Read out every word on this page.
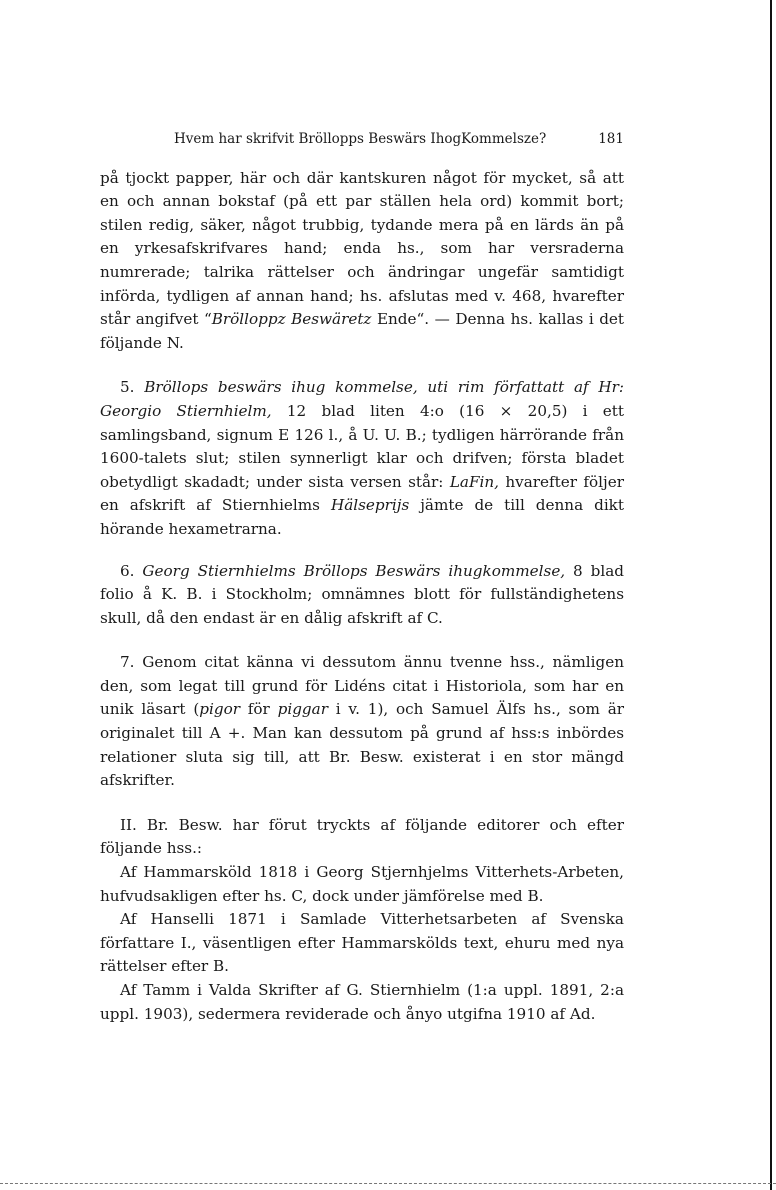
Hvem har skrifvit Bröllopps Beswärs IhogKommelsze?	181

på tjockt papper, här och där kantskuren något för mycket, så att en och annan bokstaf (på ett par ställen hela ord) kommit bort; stilen redig, säker, något trubbig, tydande mera på en lärds än på en yrkesafskrifvares hand; enda hs., som har versraderna numrerade; talrika rättelser och ändringar ungefär samtidigt införda, tydligen af annan hand; hs. afslutas med v. 468, hvarefter står angifvet “Brölloppz Beswäretz Ende“. — Denna hs. kallas i det följande N.

5. Bröllops beswärs ihug kommelse, uti rim författatt af Hr: Georgio Stiernhielm, 12 blad liten 4:o (16 × 20,5) i ett samlingsband, signum E 126 l., å U. U. B.; tydligen härrörande från 1600-talets slut; stilen synnerligt klar och drifven; första bladet obetydligt skadadt; under sista versen står: LaFin, hvarefter följer en afskrift af Stiernhielms Hälseprijs jämte de till denna dikt hörande hexametrarna.

6. Georg Stiernhielms Bröllops Beswärs ihugkommelse, 8 blad folio å K. B. i Stockholm; omnämnes blott för fullständighetens skull, då den endast är en dålig afskrift af C.

7. Genom citat känna vi dessutom ännu tvenne hss., nämligen den, som legat till grund för Lidéns citat i Historiola, som har en unik läsart (pigor för piggar i v. 1), och Samuel Älfs hs., som är originalet till A +. Man kan dessutom på grund af hss:s inbördes relationer sluta sig till, att Br. Besw. existerat i en stor mängd afskrifter.

II. Br. Besw. har förut tryckts af följande editorer och efter följande hss.:

Af Hammarsköld 1818 i Georg Stjernhjelms Vitterhets-Arbeten, hufvudsakligen efter hs. C, dock under jämförelse med B.

Af Hanselli 1871 i Samlade Vitterhetsarbeten af Svenska författare I., väsentligen efter Hammarskölds text, ehuru med nya rättelser efter B.

Af Tamm i Valda Skrifter af G. Stiernhielm (1:a uppl. 1891, 2:a uppl. 1903), sedermera reviderade och ånyo utgifna 1910 af Ad.
